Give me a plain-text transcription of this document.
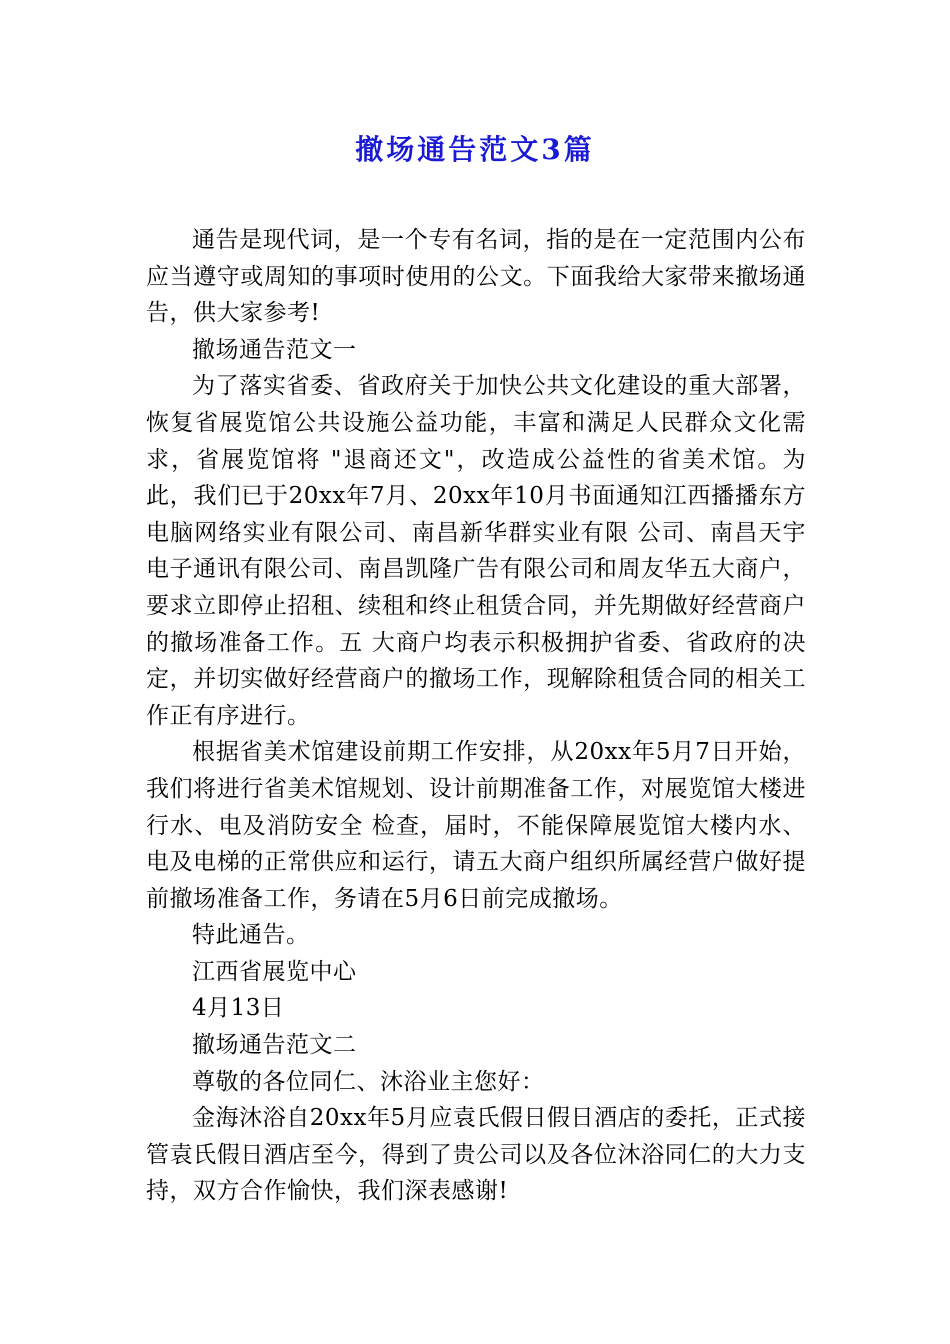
撤场通告范文3篇

通告是现代词，是一个专有名词，指的是在一定范围内公布应当遵守或周知的事项时使用的公文。下面我给大家带来撤场通告，供大家参考!

撤场通告范文一

为了落实省委、省政府关于加快公共文化建设的重大部署，恢复省展览馆公共设施公益功能，丰富和满足人民群众文化需求，省展览馆将 "退商还文"，改造成公益性的省美术馆。为此，我们已于20xx年7月、20xx年10月书面通知江西播播东方电脑网络实业有限公司、南昌新华群实业有限 公司、南昌天宇电子通讯有限公司、南昌凯隆广告有限公司和周友华五大商户，要求立即停止招租、续租和终止租赁合同，并先期做好经营商户的撤场准备工作。五 大商户均表示积极拥护省委、省政府的决定，并切实做好经营商户的撤场工作，现解除租赁合同的相关工作正有序进行。

根据省美术馆建设前期工作安排，从20xx年5月7日开始，我们将进行省美术馆规划、设计前期准备工作，对展览馆大楼进行水、电及消防安全 检查，届时，不能保障展览馆大楼内水、电及电梯的正常供应和运行，请五大商户组织所属经营户做好提前撤场准备工作，务请在5月6日前完成撤场。

特此通告。

江西省展览中心

4月13日

撤场通告范文二

尊敬的各位同仁、沐浴业主您好：

金海沐浴自20xx年5月应袁氏假日假日酒店的委托，正式接管袁氏假日酒店至今，得到了贵公司以及各位沐浴同仁的大力支持，双方合作愉快，我们深表感谢!
